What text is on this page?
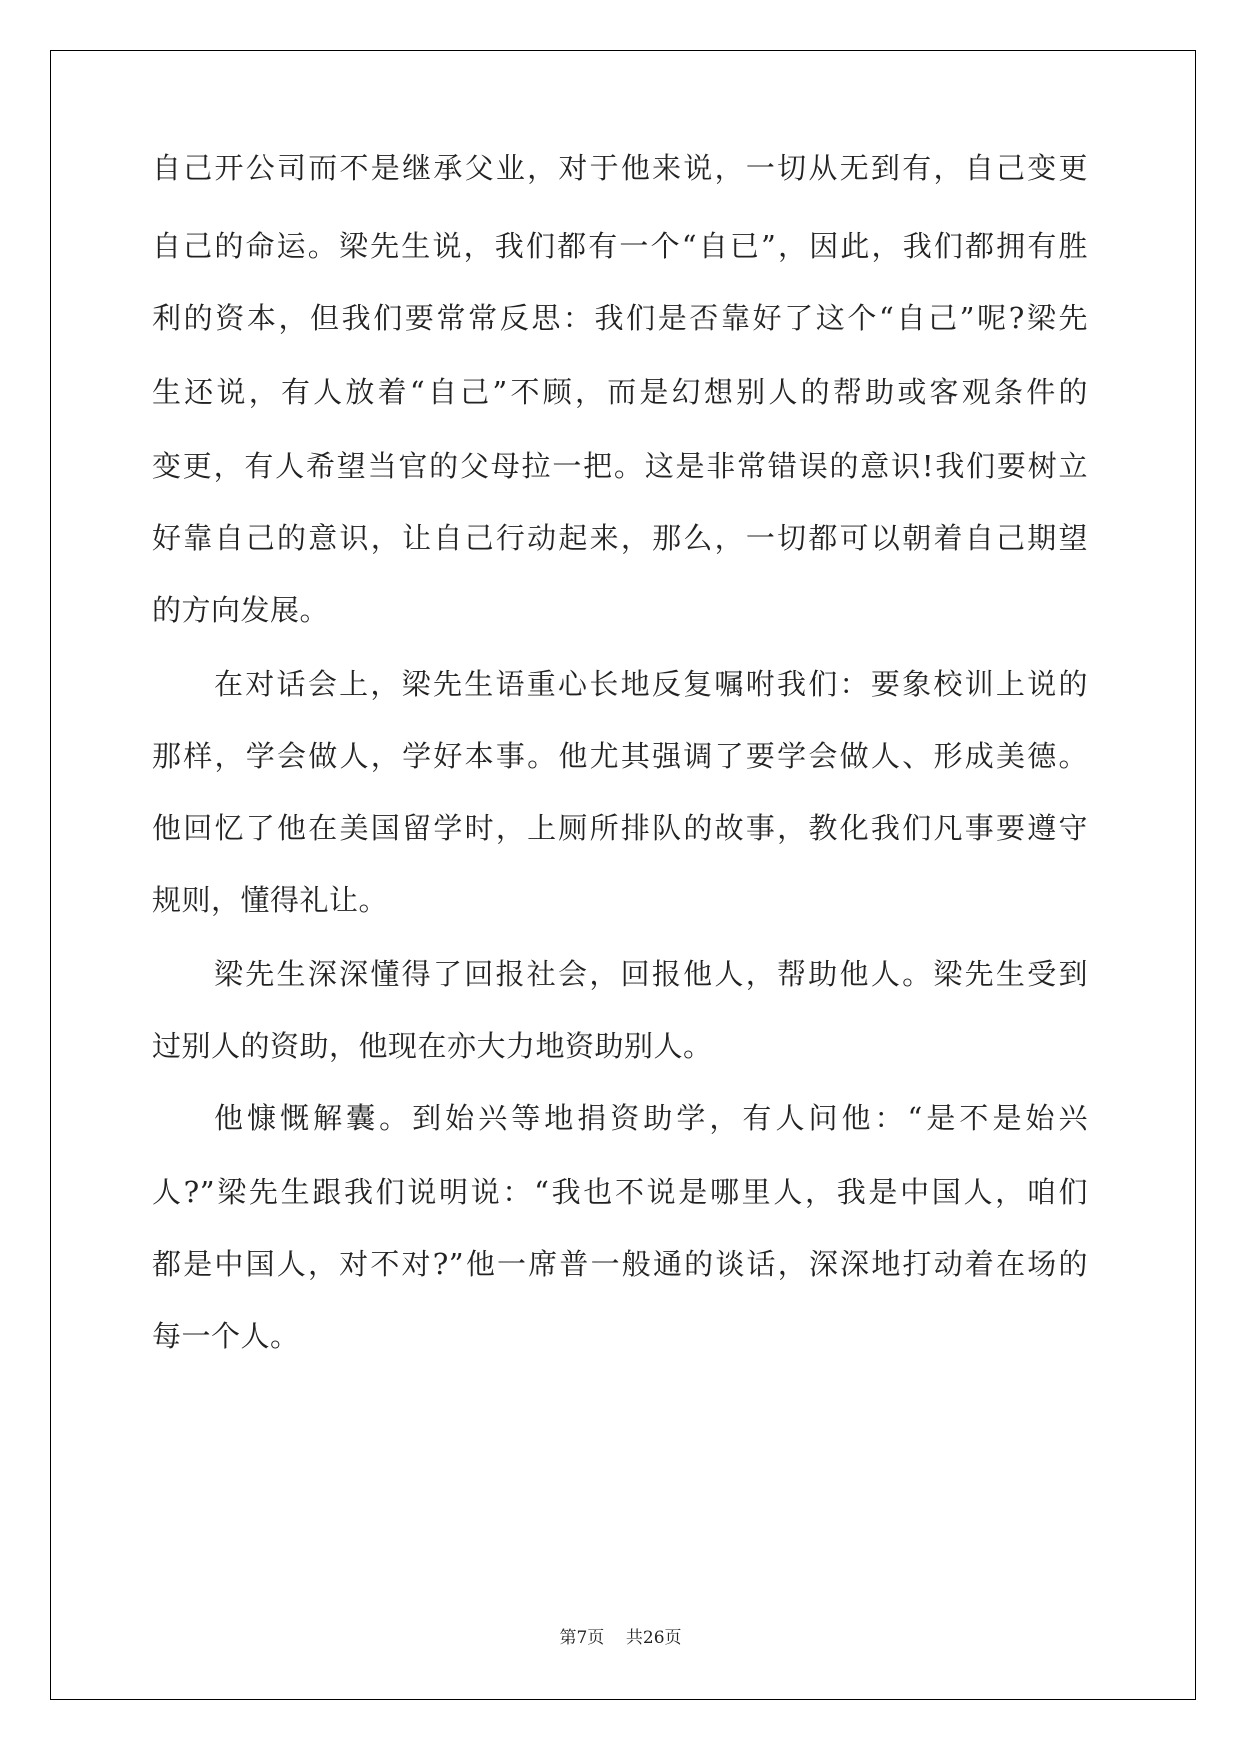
自己开公司而不是继承父业，对于他来说，一切从无到有，自己变更
自己的命运。梁先生说，我们都有一个“自已”，因此，我们都拥有胜
利的资本，但我们要常常反思：我们是否靠好了这个“自己”呢?梁先
生还说，有人放着“自己”不顾，而是幻想别人的帮助或客观条件的
变更，有人希望当官的父母拉一把。这是非常错误的意识!我们要树立
好靠自己的意识，让自己行动起来，那么，一切都可以朝着自己期望
的方向发展。
在对话会上，梁先生语重心长地反复嘱咐我们：要象校训上说的
那样，学会做人，学好本事。他尤其强调了要学会做人、形成美德。
他回忆了他在美国留学时，上厕所排队的故事，教化我们凡事要遵守
规则，懂得礼让。
梁先生深深懂得了回报社会，回报他人，帮助他人。梁先生受到
过别人的资助，他现在亦大力地资助别人。
他慷慨解囊。到始兴等地捐资助学，有人问他：“是不是始兴
人?”梁先生跟我们说明说：“我也不说是哪里人，我是中国人，咱们
都是中国人，对不对?”他一席普一般通的谈话，深深地打动着在场的
每一个人。
第7页 共26页
